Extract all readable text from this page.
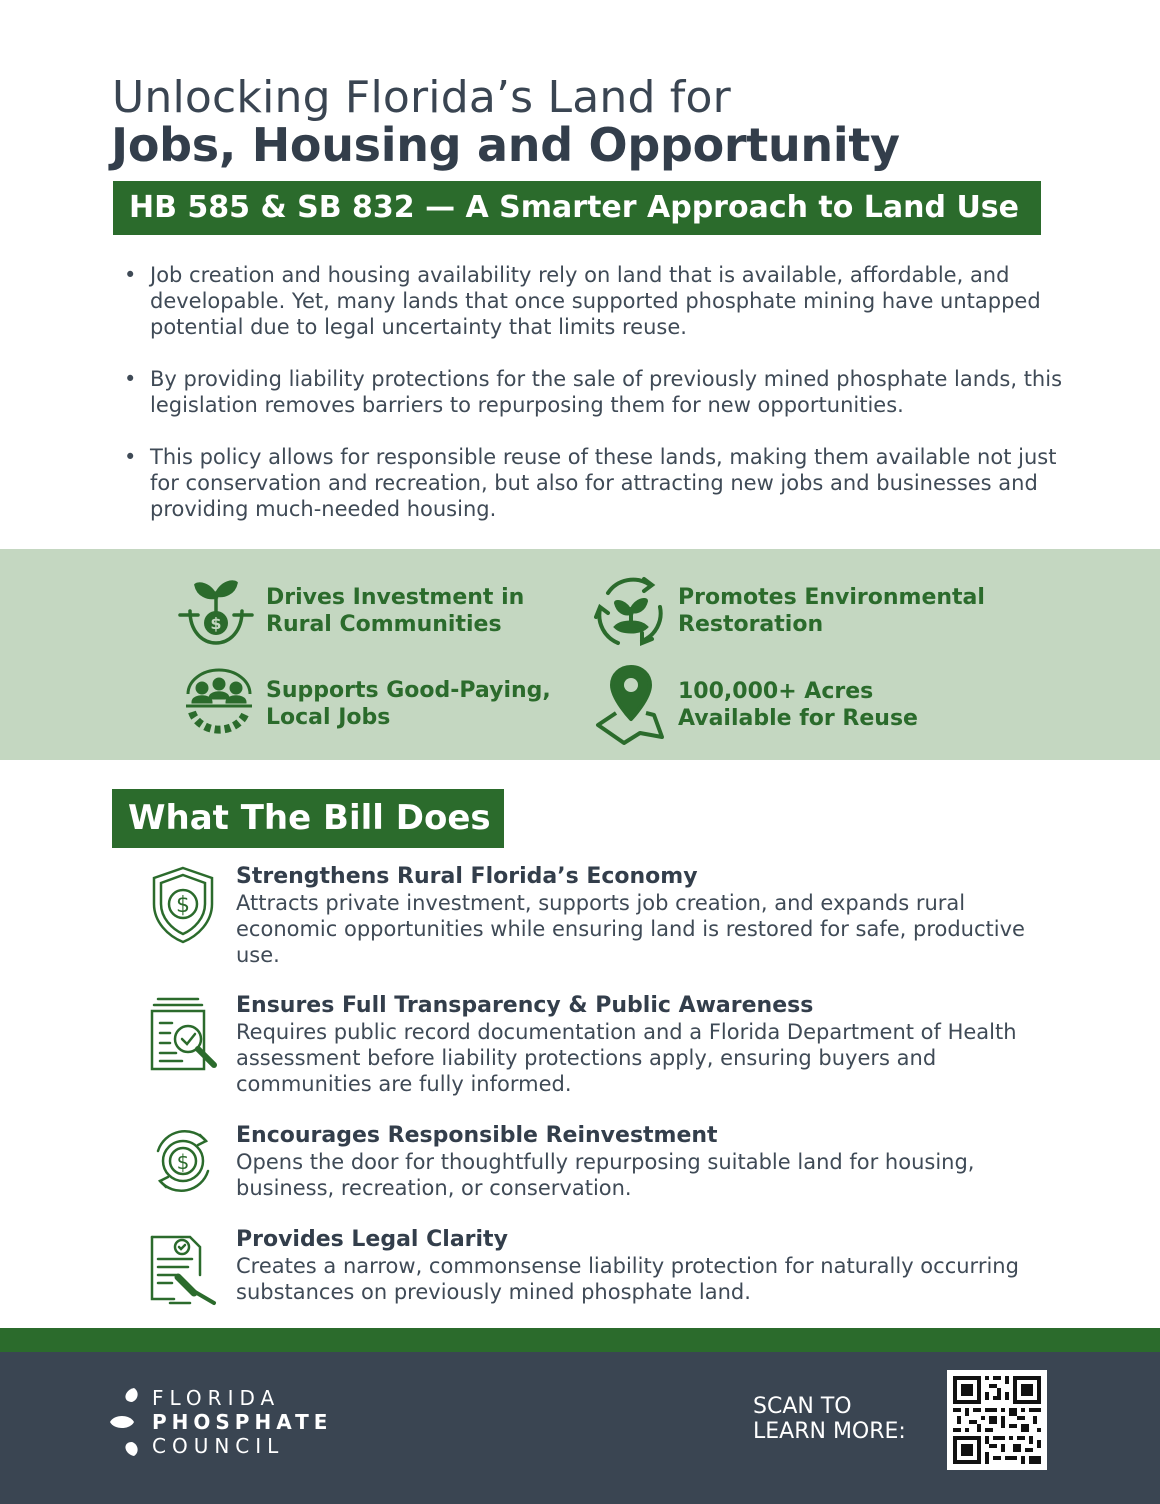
Unlocking Florida’s Land for
Jobs, Housing and Opportunity
HB 585 & SB 832 — A Smarter Approach to Land Use
• Job creation and housing availability rely on land that is available, affordable, and developable. Yet, many lands that once supported phosphate mining have untapped potential due to legal uncertainty that limits reuse.
• By providing liability protections for the sale of previously mined phosphate lands, this legislation removes barriers to repurposing them for new opportunities.
• This policy allows for responsible reuse of these lands, making them available not just for conservation and recreation, but also for attracting new jobs and businesses and providing much-needed housing.
$
Drives Investment in
Rural Communities
Promotes Environmental
Restoration
Supports Good-Paying,
Local Jobs
100,000+ Acres
Available for Reuse
What The Bill Does
$
Strengthens Rural Florida’s Economy
Attracts private investment, supports job creation, and expands rural economic opportunities while ensuring land is restored for safe, productive use.
Ensures Full Transparency & Public Awareness
Requires public record documentation and a Florida Department of Health assessment before liability protections apply, ensuring buyers and communities are fully informed.
$
Encourages Responsible Reinvestment
Opens the door for thoughtfully repurposing suitable land for housing, business, recreation, or conservation.
Provides Legal Clarity
Creates a narrow, commonsense liability protection for naturally occurring substances on previously mined phosphate land.
FLORIDA
PHOSPHATE
COUNCIL
SCAN TO
LEARN MORE:
